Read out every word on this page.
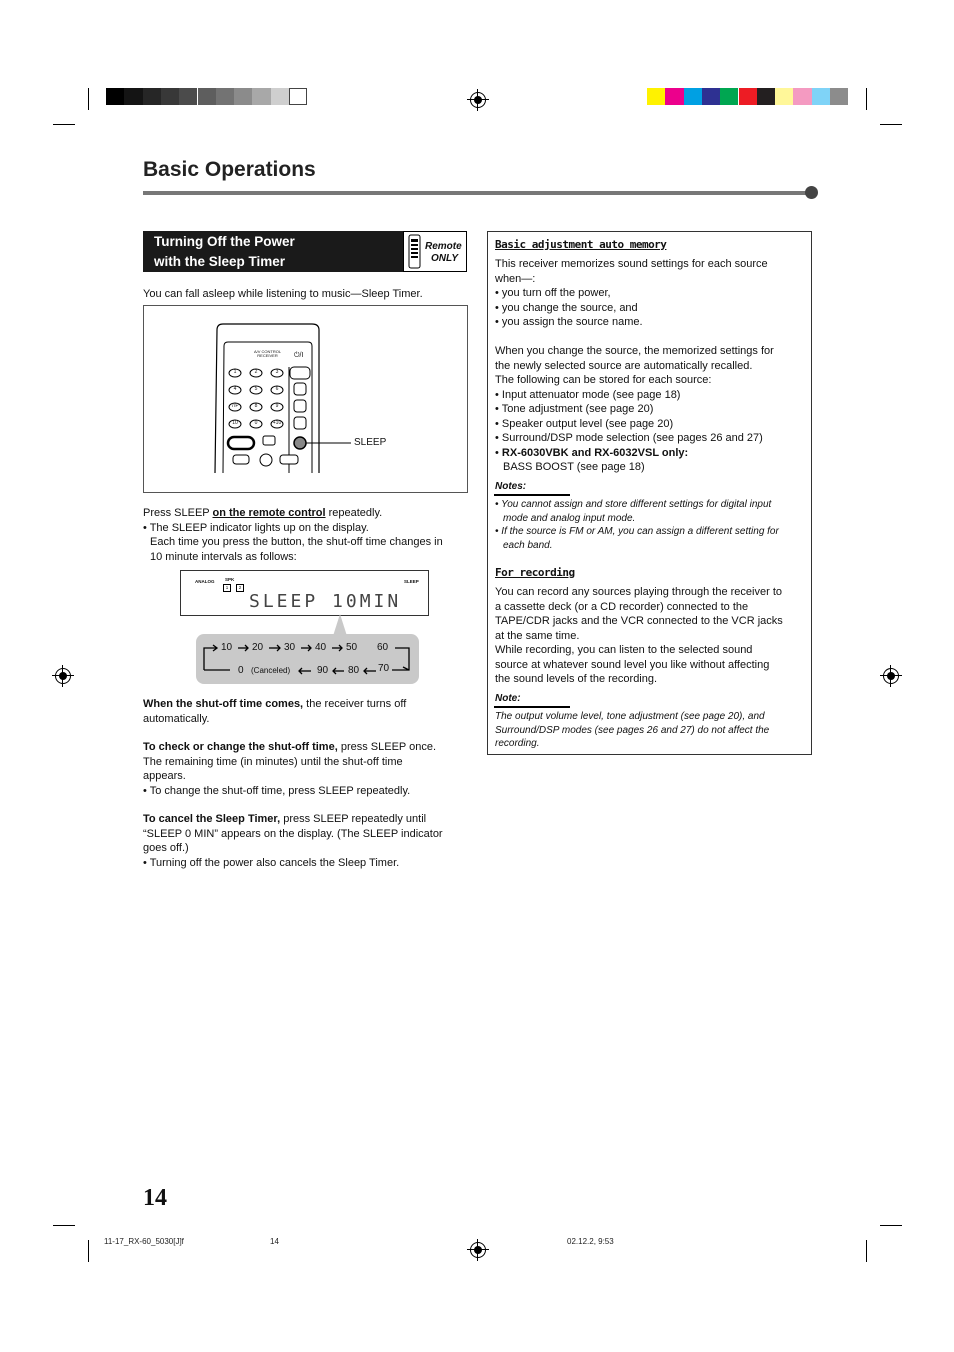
Basic Operations
Turning Off the Power
with the Sleep Timer
Remote
ONLY
You can fall asleep while listening to music—Sleep Timer.
A/V CONTROL
RECEIVER	⏻/I
1	2	3
4	5	6
7/P	8	9
10	0	+10
SLEEP
Press SLEEP on the remote control repeatedly.
• The SLEEP indicator lights up on the display.
Each time you press the button, the shut-off time changes in
10 minute intervals as follows:
ANALOG SPK
1	2
SLEEP
SLEEP 10MIN
10 20 30 40 50 60
0 (Canceled)	90 80 70
When the shut-off time comes, the receiver turns off
automatically.
To check or change the shut-off time, press SLEEP once.
The remaining time (in minutes) until the shut-off time
appears.
• To change the shut-off time, press SLEEP repeatedly.
To cancel the Sleep Timer, press SLEEP repeatedly until
“SLEEP 0 MIN” appears on the display. (The SLEEP indicator
goes off.)
• Turning off the power also cancels the Sleep Timer.
Basic adjustment auto memory
This receiver memorizes sound settings for each source
when—:
• you turn off the power,
• you change the source, and
• you assign the source name.
When you change the source, the memorized settings for
the newly selected source are automatically recalled.
The following can be stored for each source:
• Input attenuator mode (see page 18)
• Tone adjustment (see page 20)
• Speaker output level (see page 20)
• Surround/DSP mode selection (see pages 26 and 27)
• RX-6030VBK and RX-6032VSL only:
BASS BOOST (see page 18)
Notes:
• You cannot assign and store different settings for digital input
mode and analog input mode.
• If the source is FM or AM, you can assign a different setting for
each band.
For recording
You can record any sources playing through the receiver to
a cassette deck (or a CD recorder) connected to the
TAPE/CDR jacks and the VCR connected to the VCR jacks
at the same time.
While recording, you can listen to the selected sound
source at whatever sound level you like without affecting
the sound levels of the recording.
Note:
The output volume level, tone adjustment (see page 20), and
Surround/DSP modes (see pages 26 and 27) do not affect the
recording.
14
11-17_RX-60_5030[J]f	14	02.12.2, 9:53
